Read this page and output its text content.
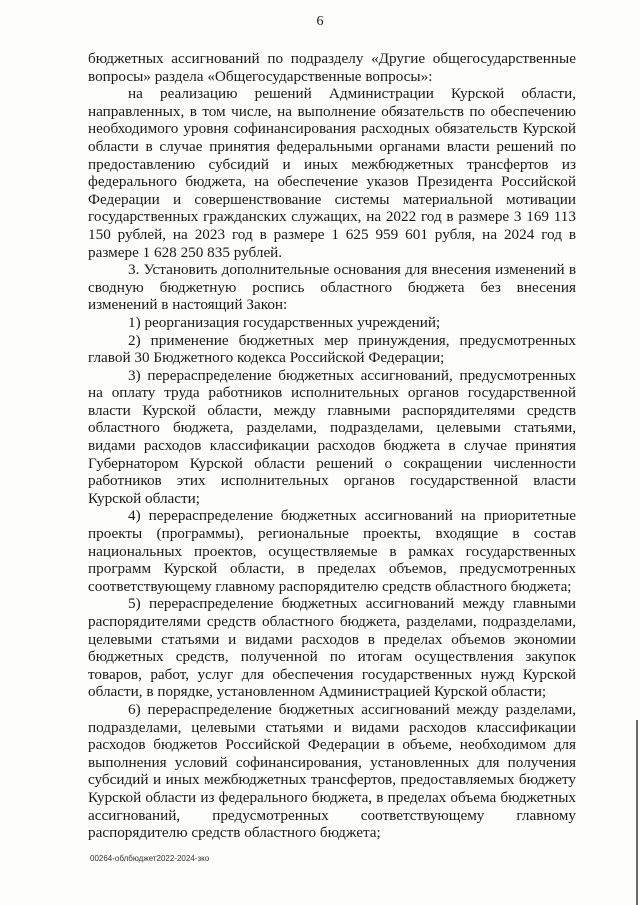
6

бюджетных ассигнований по подразделу «Другие общегосударственные вопросы» раздела «Общегосударственные вопросы»:

на реализацию решений Администрации Курской области, направленных, в том числе, на выполнение обязательств по обеспечению необходимого уровня софинансирования расходных обязательств Курской области в случае принятия федеральными органами власти решений по предоставлению субсидий и иных межбюджетных трансфертов из федерального бюджета, на обеспечение указов Президента Российской Федерации и совершенствование системы материальной мотивации государственных гражданских служащих, на 2022 год в размере 3 169 113 150 рублей, на 2023 год в размере 1 625 959 601 рубля, на 2024 год в размере 1 628 250 835 рублей.

3. Установить дополнительные основания для внесения изменений в сводную бюджетную роспись областного бюджета без внесения изменений в настоящий Закон:

1) реорганизация государственных учреждений;

2) применение бюджетных мер принуждения, предусмотренных главой 30 Бюджетного кодекса Российской Федерации;

3) перераспределение бюджетных ассигнований, предусмотренных на оплату труда работников исполнительных органов государственной власти Курской области, между главными распорядителями средств областного бюджета, разделами, подразделами, целевыми статьями, видами расходов классификации расходов бюджета в случае принятия Губернатором Курской области решений о сокращении численности работников этих исполнительных органов государственной власти Курской области;

4) перераспределение бюджетных ассигнований на приоритетные проекты (программы), региональные проекты, входящие в состав национальных проектов, осуществляемые в рамках государственных программ Курской области, в пределах объемов, предусмотренных соответствующему главному распорядителю средств областного бюджета;

5) перераспределение бюджетных ассигнований между главными распорядителями средств областного бюджета, разделами, подразделами, целевыми статьями и видами расходов в пределах объемов экономии бюджетных средств, полученной по итогам осуществления закупок товаров, работ, услуг для обеспечения государственных нужд Курской области, в порядке, установленном Администрацией Курской области;

6) перераспределение бюджетных ассигнований между разделами, подразделами, целевыми статьями и видами расходов классификации расходов бюджетов Российской Федерации в объеме, необходимом для выполнения условий софинансирования, установленных для получения субсидий и иных межбюджетных трансфертов, предоставляемых бюджету Курской области из федерального бюджета, в пределах объема бюджетных ассигнований, предусмотренных соответствующему главному распорядителю средств областного бюджета;

00264-облбюджет2022-2024-зко
